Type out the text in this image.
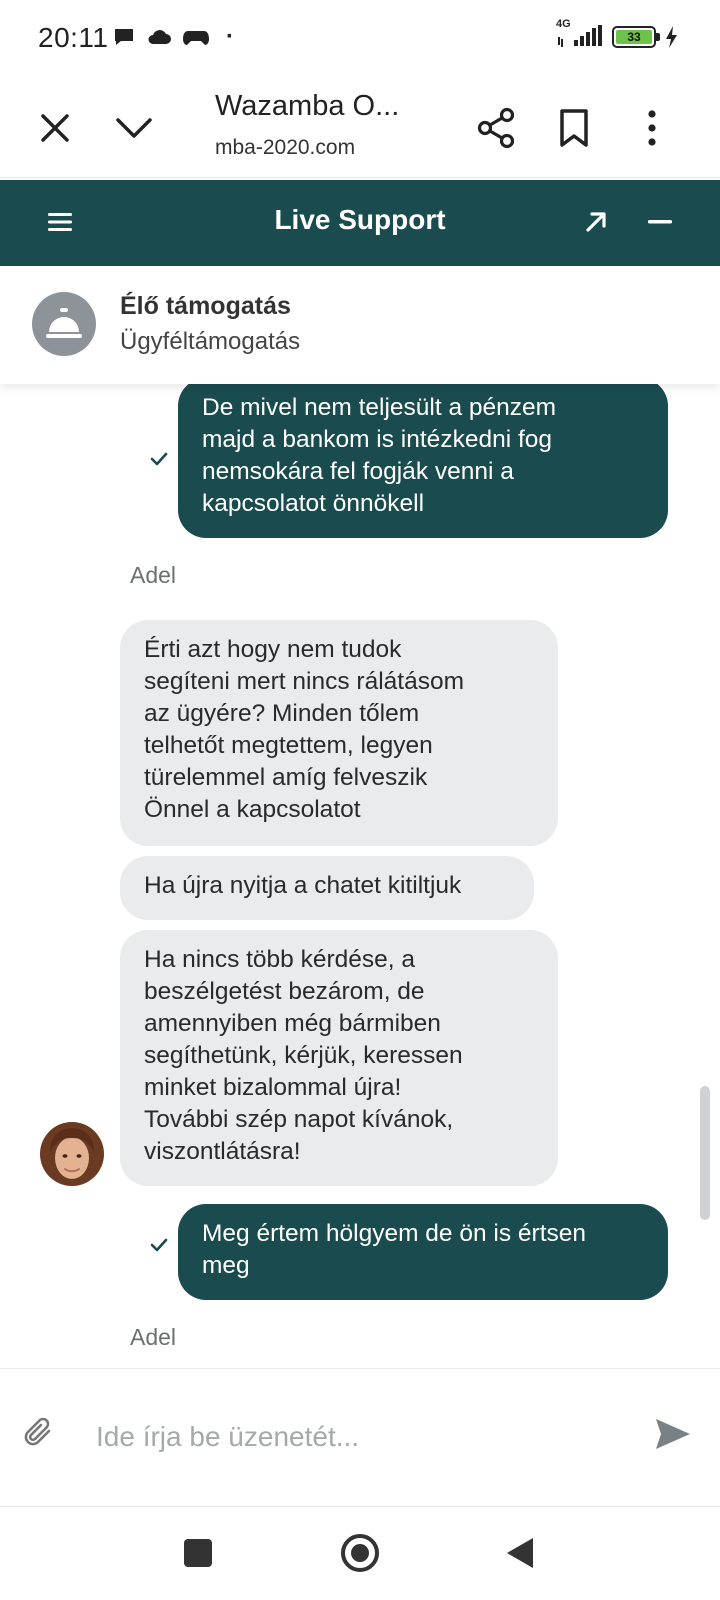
20:11	·	4G
33
Wazamba O...
mba-2020.com
Live Support
Élő támogatás
Ügyféltámogatás
De mivel nem teljesült a pénzem
majd a bankom is intézkedni fog
nemsokára fel fogják venni a
kapcsolatot önnökell
Adel
Érti azt hogy nem tudok
segíteni mert nincs rálátásom
az ügyére? Minden tőlem
telhetőt megtettem, legyen
türelemmel amíg felveszik
Önnel a kapcsolatot
Ha újra nyitja a chatet kitiltjuk
Ha nincs több kérdése, a
beszélgetést bezárom, de
amennyiben még bármiben
segíthetünk, kérjük, keressen
minket bizalommal újra!
További szép napot kívánok,
viszontlátásra!
Meg értem hölgyem de ön is értsen
meg
Adel
Ide írja be üzenetét...
